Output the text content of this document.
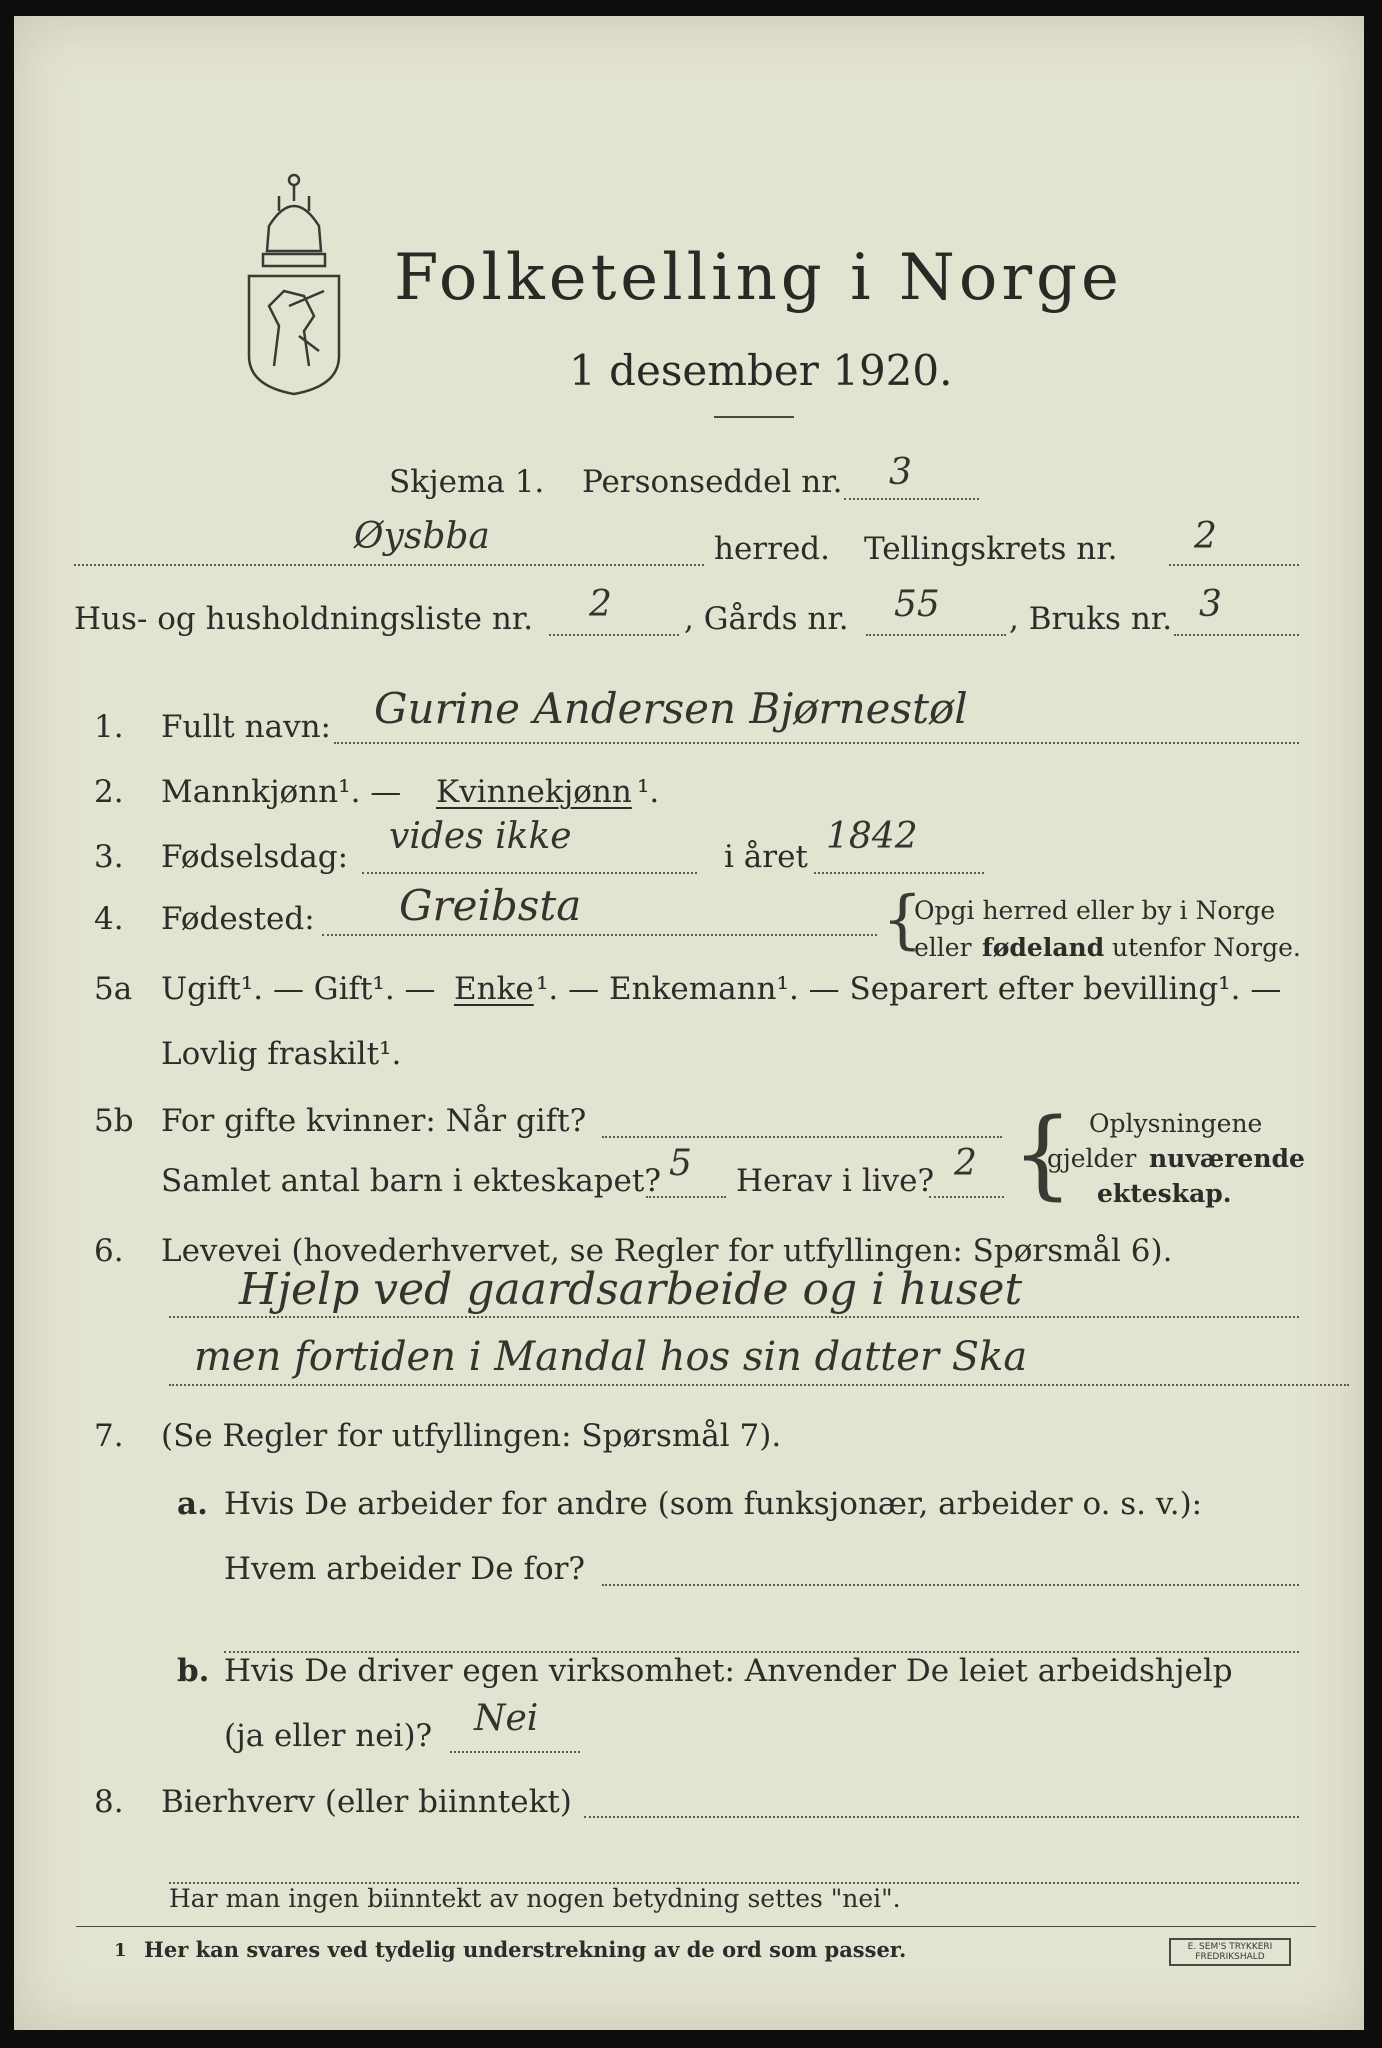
Folketelling i Norge
1 desember 1920.
Skjema 1. Personseddel nr. 3
Øysbba	herred. Tellingskrets nr. 2
Hus- og husholdningsliste nr. 2 , Gårds nr. 55 , Bruks nr. 3
1. Fullt navn: Gurine Andersen Bjørnestøl
2. Mannkjønn¹. — Kvinnekjønn ¹.
3. Fødselsdag: vides ikke	i året 1842
4. Fødested: Greibsta	{
Opgi herred eller by i Norge
eller fødeland utenfor Norge.
5a Ugift¹. — Gift¹. — Enke ¹. — Enkemann¹. — Separert efter bevilling¹. —
Lovlig fraskilt¹.
5b For gifte kvinner: Når gift?
Samlet antal barn i ekteskapet? 5 Herav i live? 2 { Oplysningene
gjelder nuværende
ekteskap.
6. Levevei (hovederhvervet, se Regler for utfyllingen: Spørsmål 6).
Hjelp ved gaardsarbeide og i huset
men fortiden i Mandal hos sin datter Ska
7. (Se Regler for utfyllingen: Spørsmål 7).
a. Hvis De arbeider for andre (som funksjonær, arbeider o. s. v.):
Hvem arbeider De for?
b. Hvis De driver egen virksomhet: Anvender De leiet arbeidshjelp
(ja eller nei)? Nei
8. Bierhverv (eller biinntekt)
Har man ingen biinntekt av nogen betydning settes "nei".
1 Her kan svares ved tydelig understrekning av de ord som passer.	E. SEM'S TRYKKERI
FREDRIKSHALD
